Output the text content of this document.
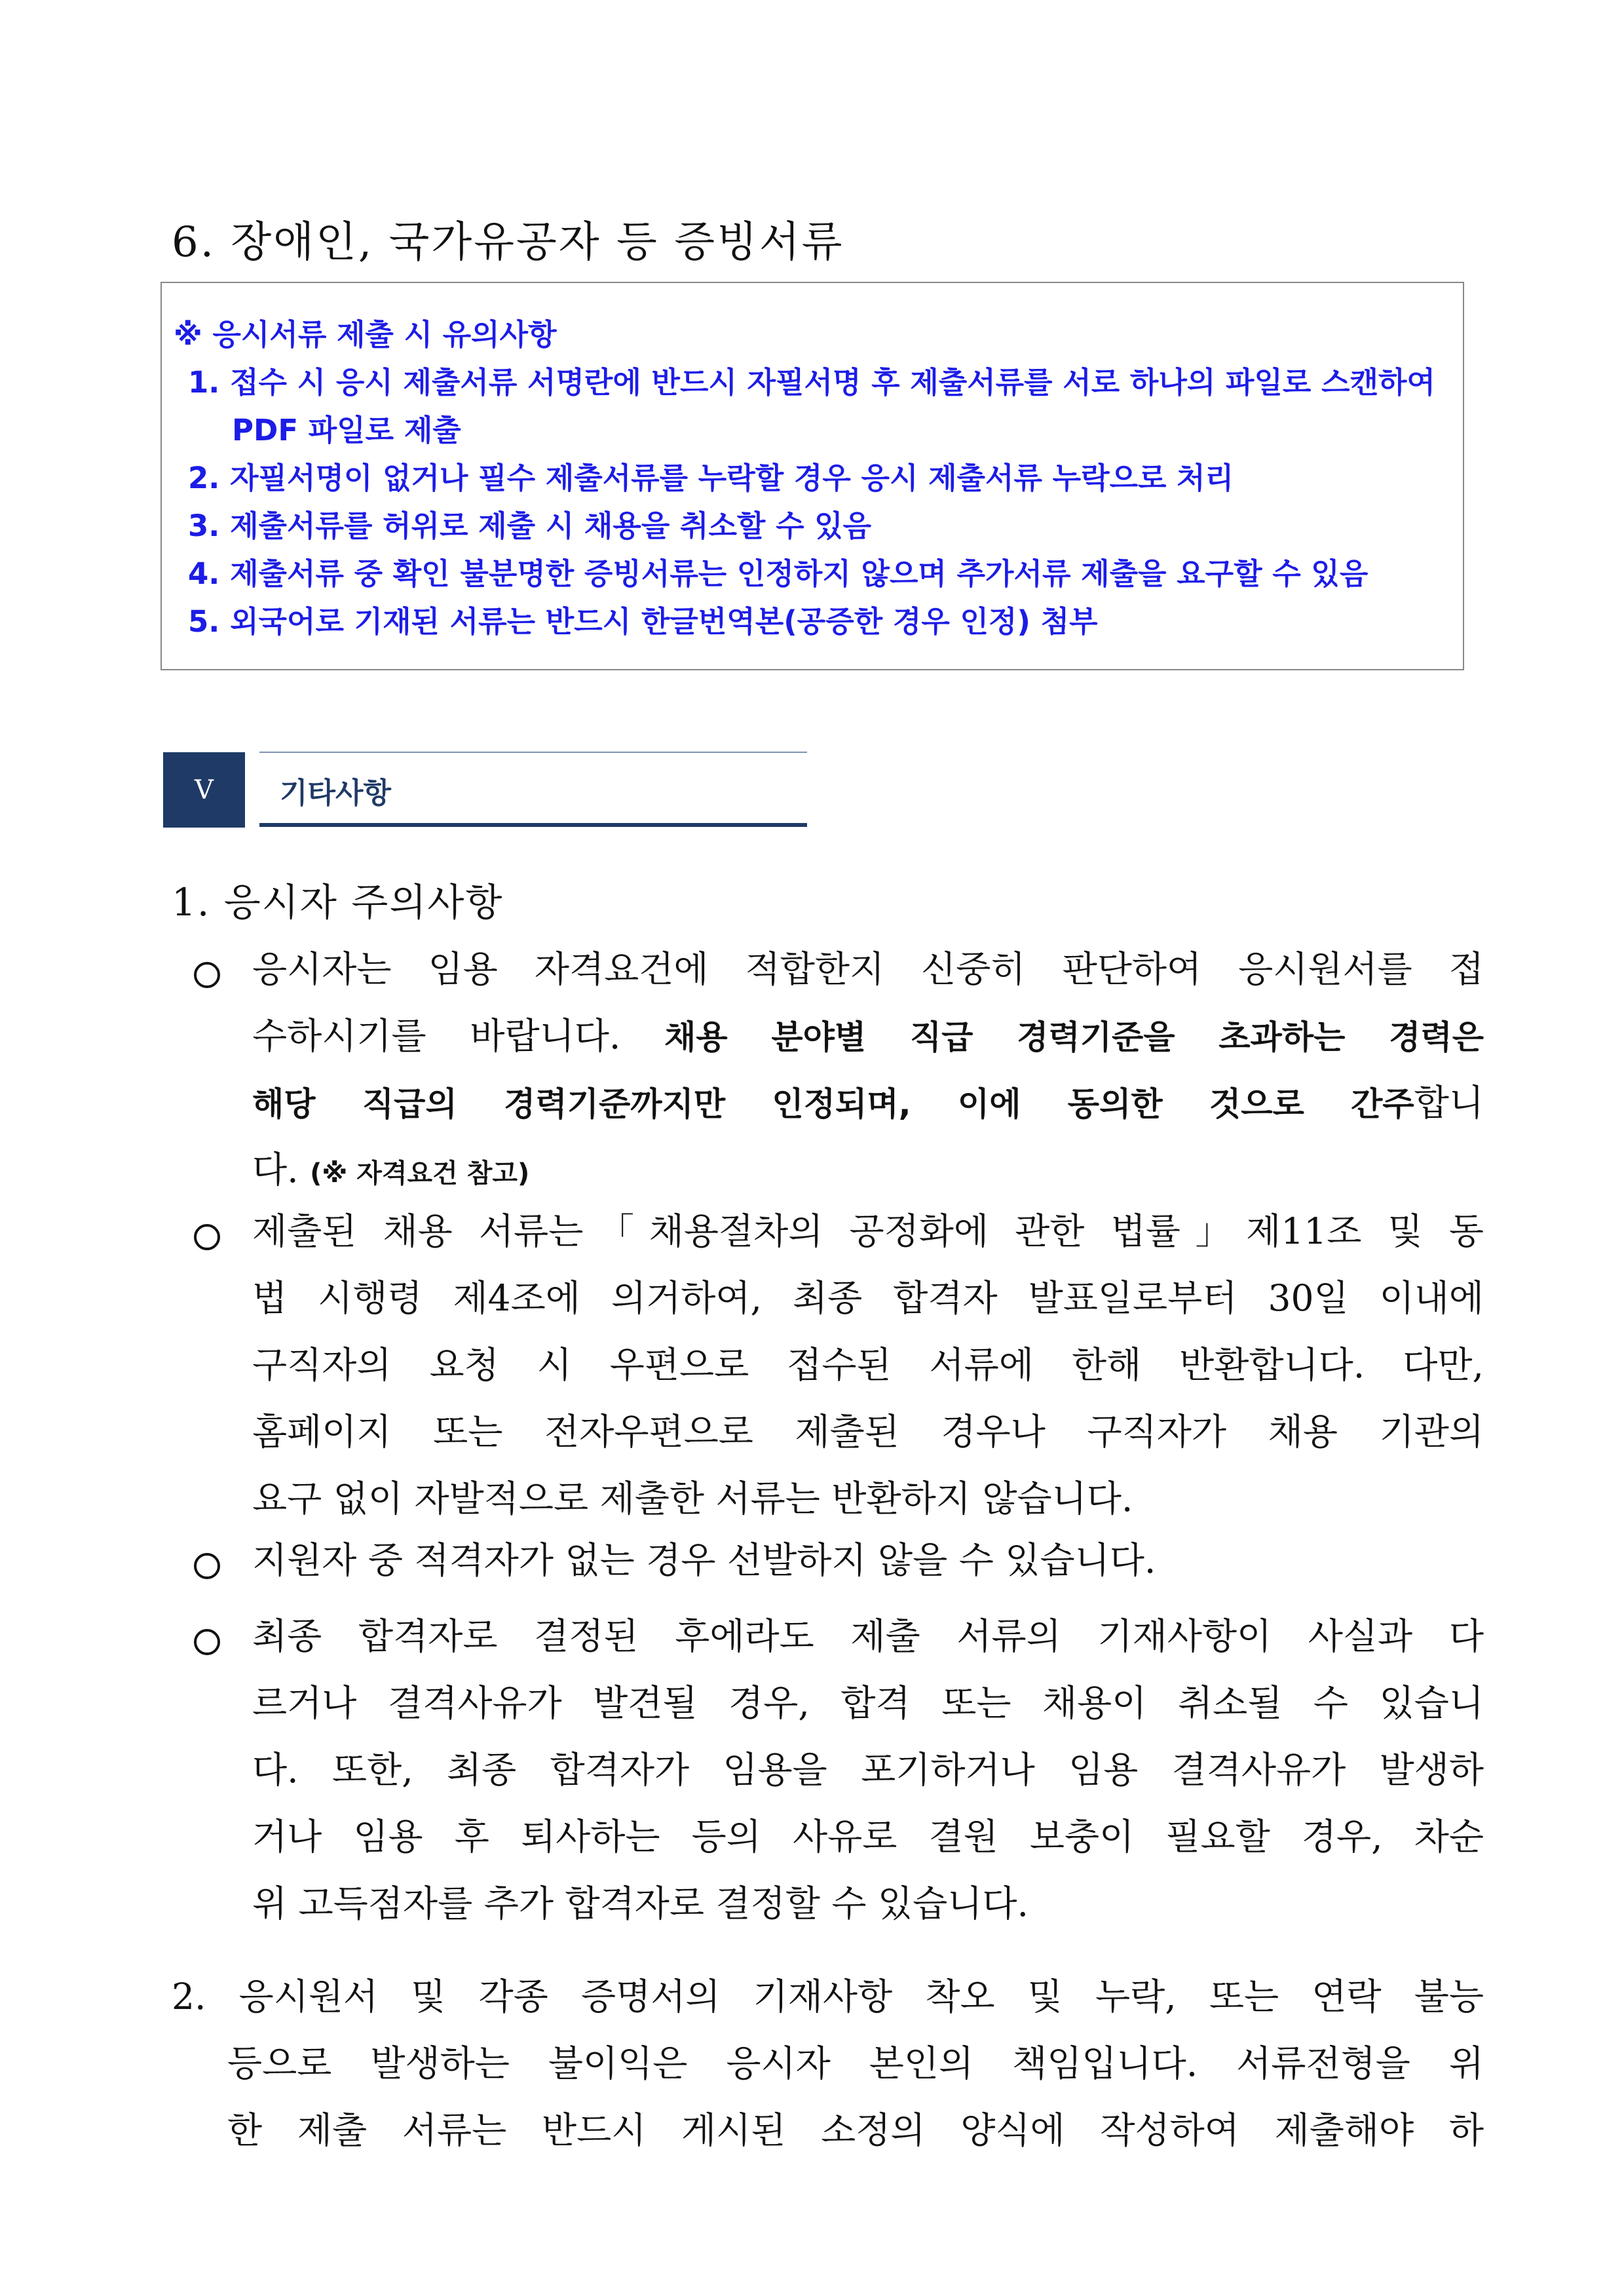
6. 장애인, 국가유공자 등 증빙서류
※ 응시서류 제출 시 유의사항
1. 접수 시 응시 제출서류 서명란에 반드시 자필서명 후 제출서류를 서로 하나의 파일로 스캔하여
PDF 파일로 제출
2. 자필서명이 없거나 필수 제출서류를 누락할 경우 응시 제출서류 누락으로 처리
3. 제출서류를 허위로 제출 시 채용을 취소할 수 있음
4. 제출서류 중 확인 불분명한 증빙서류는 인정하지 않으며 추가서류 제출을 요구할 수 있음
5. 외국어로 기재된 서류는 반드시 한글번역본(공증한 경우 인정) 첨부
V	기타사항
1. 응시자 주의사항
응시자는 임용 자격요건에 적합한지 신중히 판단하여 응시원서를 접
수하시기를 바랍니다. 채용 분야별 직급 경력기준을 초과하는 경력은
해당 직급의 경력기준까지만 인정되며, 이에 동의한 것으로 간주합니
다. (※ 자격요건 참고)
제출된 채용 서류는「채용절차의 공정화에 관한 법률」제11조 및 동
법 시행령 제4조에 의거하여, 최종 합격자 발표일로부터 30일 이내에
구직자의 요청 시 우편으로 접수된 서류에 한해 반환합니다. 다만,
홈페이지 또는 전자우편으로 제출된 경우나 구직자가 채용 기관의
요구 없이 자발적으로 제출한 서류는 반환하지 않습니다.
지원자 중 적격자가 없는 경우 선발하지 않을 수 있습니다.
최종 합격자로 결정된 후에라도 제출 서류의 기재사항이 사실과 다
르거나 결격사유가 발견될 경우, 합격 또는 채용이 취소될 수 있습니
다. 또한, 최종 합격자가 임용을 포기하거나 임용 결격사유가 발생하
거나 임용 후 퇴사하는 등의 사유로 결원 보충이 필요할 경우, 차순
위 고득점자를 추가 합격자로 결정할 수 있습니다.
2. 응시원서 및 각종 증명서의 기재사항 착오 및 누락, 또는 연락 불능
등으로 발생하는 불이익은 응시자 본인의 책임입니다. 서류전형을 위
한 제출 서류는 반드시 게시된 소정의 양식에 작성하여 제출해야 하
